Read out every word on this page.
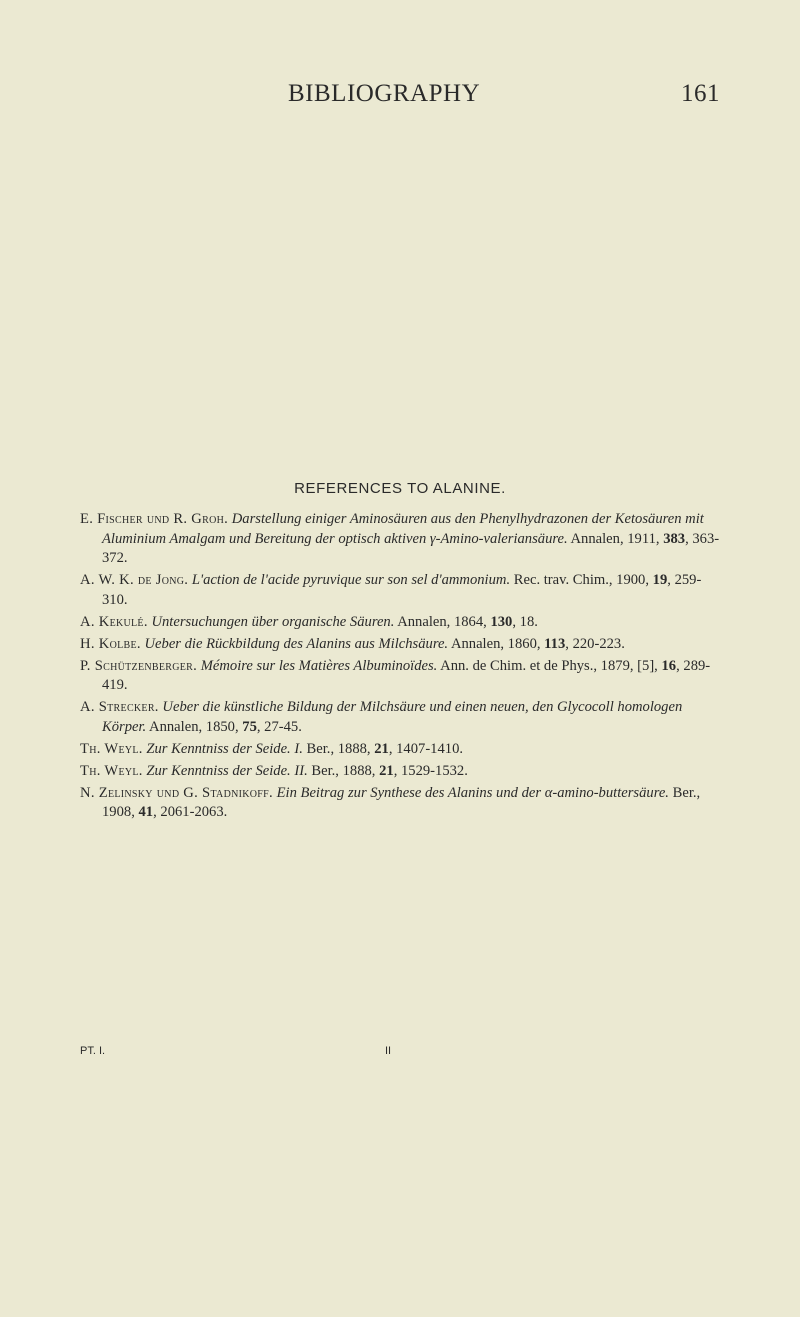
BIBLIOGRAPHY	161
REFERENCES TO ALANINE.
E. Fischer und R. Groh. Darstellung einiger Aminosäuren aus den Phenylhydrazonen der Ketosäuren mit Aluminium Amalgam und Bereitung der optisch aktiven γ-Amino-valeriansäure. Annalen, 1911, 383, 363-372.
A. W. K. de Jong. L'action de l'acide pyruvique sur son sel d'ammonium. Rec. trav. Chim., 1900, 19, 259-310.
A. Kekulé. Untersuchungen über organische Säuren. Annalen, 1864, 130, 18.
H. Kolbe. Ueber die Rückbildung des Alanins aus Milchsäure. Annalen, 1860, 113, 220-223.
P. Schützenberger. Mémoire sur les Matières Albuminoïdes. Ann. de Chim. et de Phys., 1879, [5], 16, 289-419.
A. Strecker. Ueber die künstliche Bildung der Milchsäure und einen neuen, den Glycocoll homologen Körper. Annalen, 1850, 75, 27-45.
Th. Weyl. Zur Kenntniss der Seide. I. Ber., 1888, 21, 1407-1410.
Th. Weyl. Zur Kenntniss der Seide. II. Ber., 1888, 21, 1529-1532.
N. Zelinsky und G. Stadnikoff. Ein Beitrag zur Synthese des Alanins und der α-amino-buttersäure. Ber., 1908, 41, 2061-2063.
PT. I.	II
